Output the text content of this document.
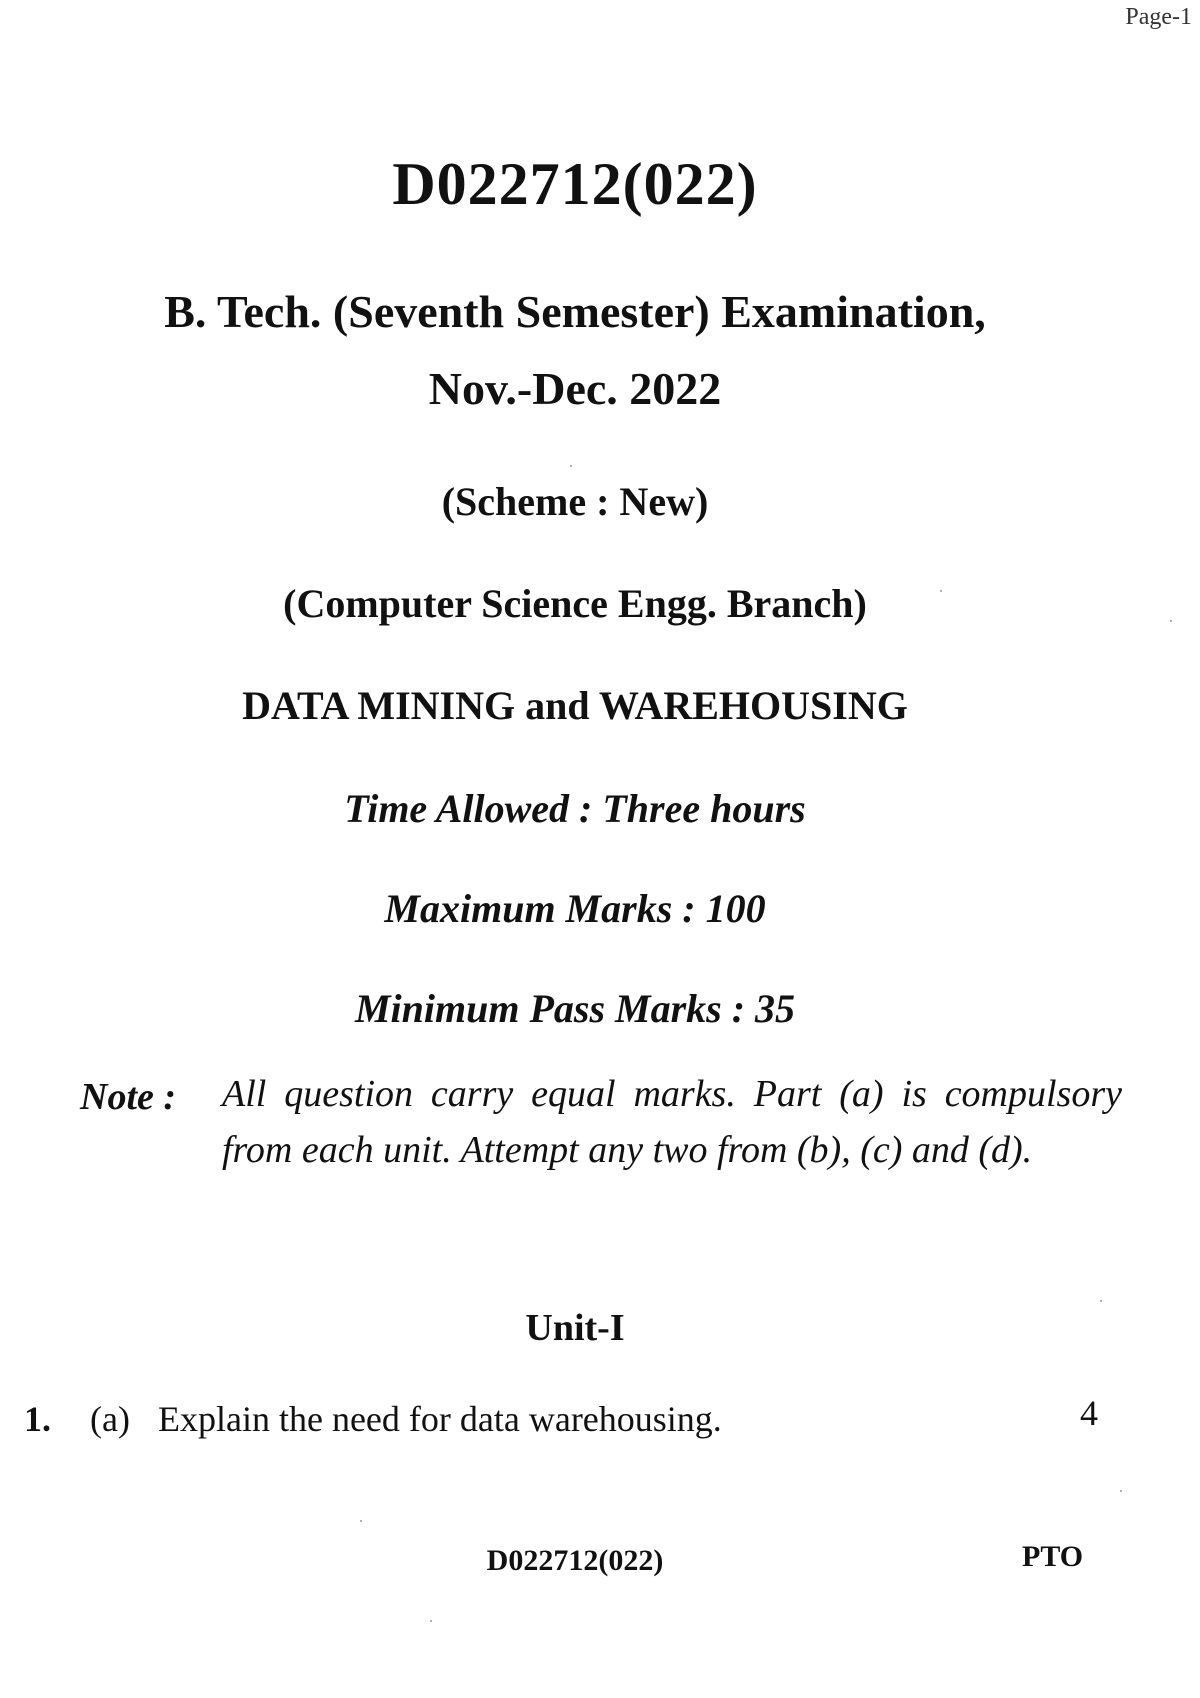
Page-1
D022712(022)
B. Tech. (Seventh Semester) Examination,
Nov.-Dec. 2022
(Scheme : New)
(Computer Science Engg. Branch)
DATA MINING and WAREHOUSING
Time Allowed : Three hours
Maximum Marks : 100
Minimum Pass Marks : 35
Note : All question carry equal marks. Part (a) is compulsory from each unit. Attempt any two from (b), (c) and (d).
Unit-I
1. (a) Explain the need for data warehousing.	4
D022712(022)	PTO
